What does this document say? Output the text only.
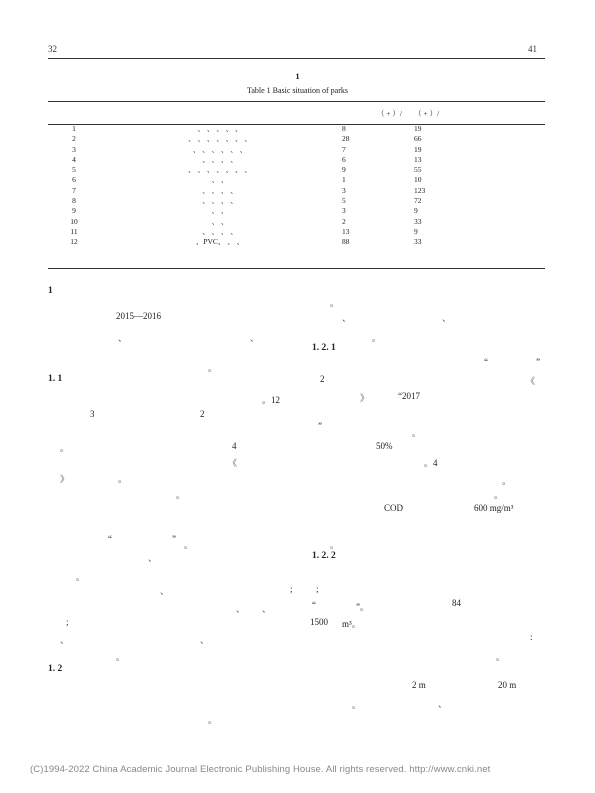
32	41
1
Table 1 Basic situation of parks
		（ + ）/	（ + ）/
1	、 、 、 、 、	8	19
2	、 、 、 、 、 、 、	28	66
3	、 、 、 、 、 、	7	19
4	、 、 、 、	6	13
5	、 、 、 、 、 、 、	9	55
6	、 、	1	10
7	、 、 、 、	3	123
8	、 、 、 、	5	72
9	、 、	3	9
10	、 、	2	33
11	、 、 、 、	13	9
12	、PVC、 、 、	88	33
1
2015—2016
、	、
。
1. 1
。12
3	2
。	4
《
》	。
。
“	”
。
、
。
、	;
、 、
;
、	、
。
1. 2
。
。
、	、
。
1. 2. 1
“	”
2	《
》	“2017
”
。
50%
。4
。
。
COD	600 mg/m³
。
1. 2. 2
;
“	”。	84
1500 m³。
:
。
2 m	20 m
。	、
(C)1994-2022 China Academic Journal Electronic Publishing House. All rights reserved. http://www.cnki.net
